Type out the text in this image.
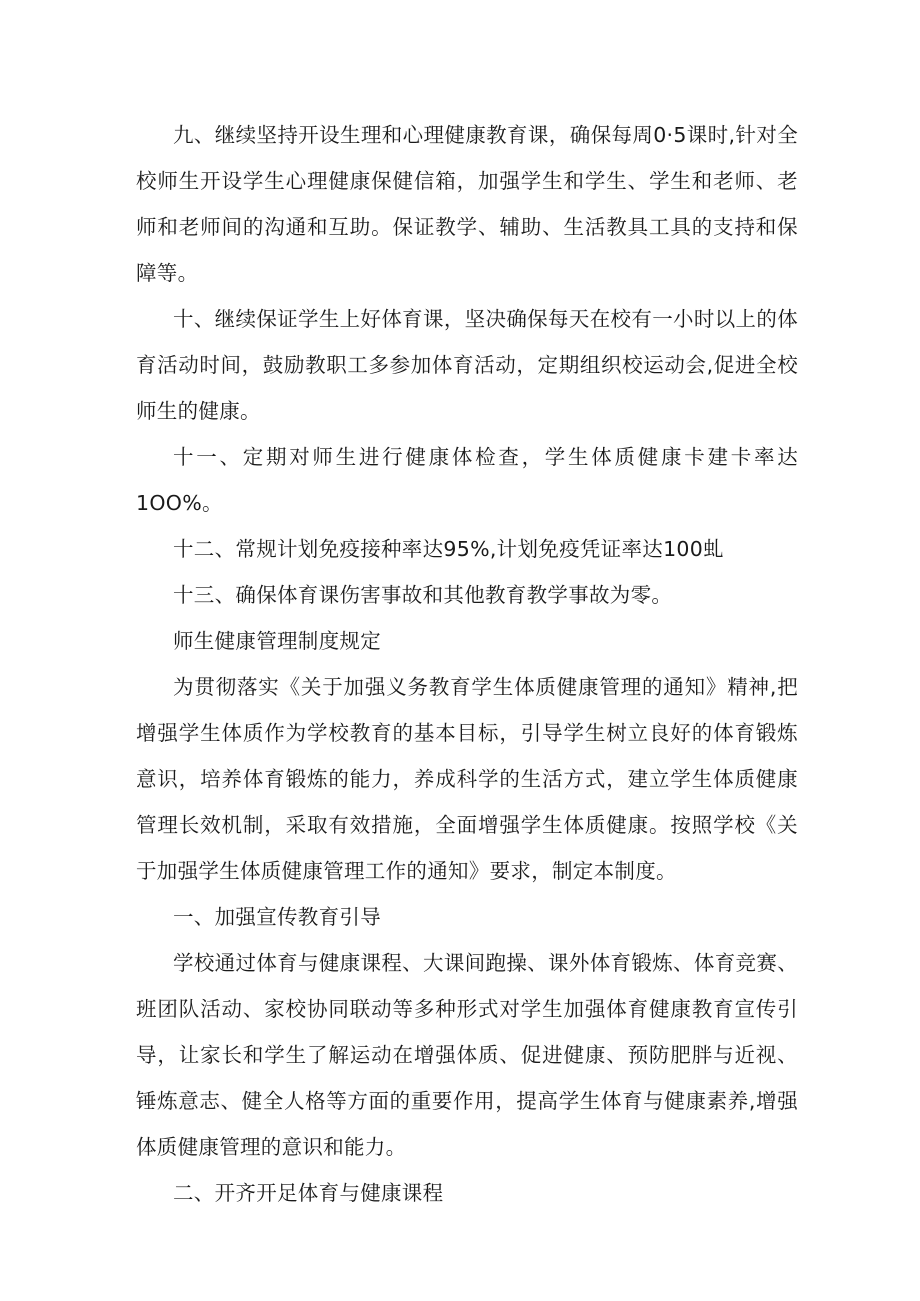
九、继续坚持开设生理和心理健康教育课，确保每周0·5课时,针对全校师生开设学生心理健康保健信箱，加强学生和学生、学生和老师、老师和老师间的沟通和互助。保证教学、辅助、生活教具工具的支持和保障等。

十、继续保证学生上好体育课，坚决确保每天在校有一小时以上的体育活动时间，鼓励教职工多参加体育活动，定期组织校运动会,促进全校师生的健康。

十一、定期对师生进行健康体检查，学生体质健康卡建卡率达1OO%。

十二、常规计划免疫接种率达95%,计划免疫凭证率达100虬

十三、确保体育课伤害事故和其他教育教学事故为零。

师生健康管理制度规定

为贯彻落实《关于加强义务教育学生体质健康管理的通知》精神,把增强学生体质作为学校教育的基本目标，引导学生树立良好的体育锻炼意识，培养体育锻炼的能力，养成科学的生活方式，建立学生体质健康管理长效机制，采取有效措施，全面增强学生体质健康。按照学校《关于加强学生体质健康管理工作的通知》要求，制定本制度。

一、加强宣传教育引导

学校通过体育与健康课程、大课间跑操、课外体育锻炼、体育竞赛、班团队活动、家校协同联动等多种形式对学生加强体育健康教育宣传引导，让家长和学生了解运动在增强体质、促进健康、预防肥胖与近视、锤炼意志、健全人格等方面的重要作用，提高学生体育与健康素养,增强体质健康管理的意识和能力。

二、开齐开足体育与健康课程
